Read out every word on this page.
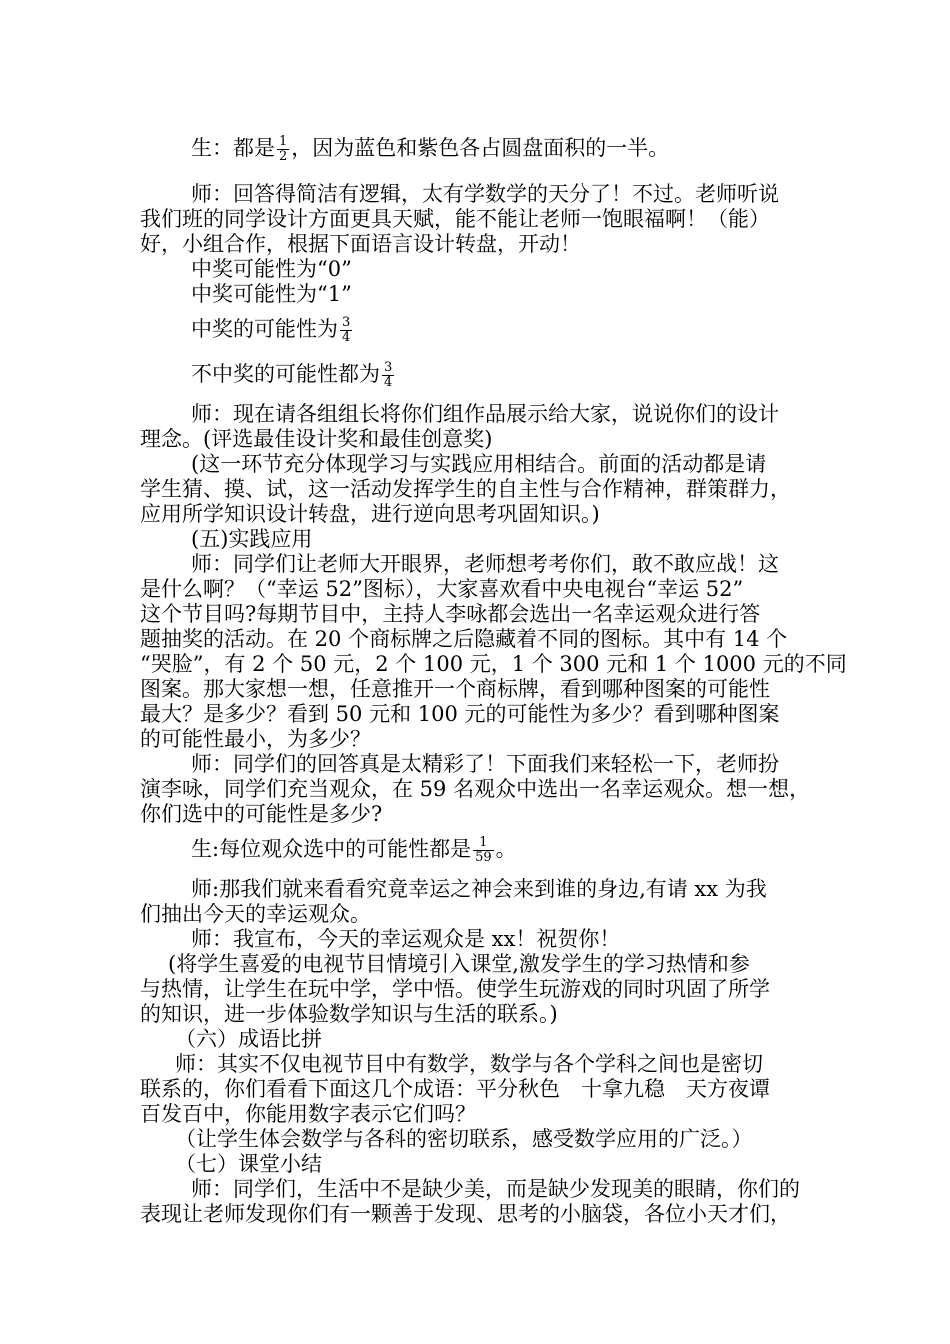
生：都是 $\frac{1}{2}$ ，因为蓝色和紫色各占圆盘面积的一半。

师：回答得简洁有逻辑，太有学数学的天分了！不过。老师听说

我们班的同学设计方面更具天赋，能不能让老师一饱眼福啊！（能）

好，小组合作，根据下面语言设计转盘，开动！

中奖可能性为“0”

中奖可能性为“1”

中奖的可能性为 $\frac{3}{4}$

不中奖的可能性都为 $\frac{3}{4}$

师：现在请各组组长将你们组作品展示给大家，说说你们的设计

理念。(评选最佳设计奖和最佳创意奖)

(这一环节充分体现学习与实践应用相结合。前面的活动都是请

学生猜、摸、试，这一活动发挥学生的自主性与合作精神，群策群力，

应用所学知识设计转盘，进行逆向思考巩固知识。)

(五)实践应用

师：同学们让老师大开眼界，老师想考考你们，敢不敢应战！这

是什么啊？（“幸运 52”图标），大家喜欢看中央电视台“幸运 52”

这个节目吗?每期节目中，主持人李咏都会选出一名幸运观众进行答

题抽奖的活动。在 20 个商标牌之后隐藏着不同的图标。其中有 14 个

“哭脸”，有 2 个 50 元，2 个 100 元，1 个 300 元和 1 个 1000 元的不同

图案。那大家想一想，任意推开一个商标牌，看到哪种图案的可能性

最大？是多少？看到 50 元和 100 元的可能性为多少？看到哪种图案

的可能性最小，为多少？

师：同学们的回答真是太精彩了！下面我们来轻松一下，老师扮

演李咏，同学们充当观众，在 59 名观众中选出一名幸运观众。想一想，

你们选中的可能性是多少?

生:每位观众选中的可能性都是 $\frac{1}{59}$ 。

师:那我们就来看看究竟幸运之神会来到谁的身边,有请 xx 为我

们抽出今天的幸运观众。

师：我宣布，今天的幸运观众是 xx！祝贺你！

(将学生喜爱的电视节目情境引入课堂,激发学生的学习热情和参

与热情，让学生在玩中学，学中悟。使学生玩游戏的同时巩固了所学

的知识，进一步体验数学知识与生活的联系。)

（六）成语比拼

师：其实不仅电视节目中有数学，数学与各个学科之间也是密切

联系的，你们看看下面这几个成语：平分秋色　十拿九稳　天方夜谭

百发百中，你能用数字表示它们吗？

（让学生体会数学与各科的密切联系，感受数学应用的广泛。）

（七）课堂小结

师：同学们，生活中不是缺少美，而是缺少发现美的眼睛，你们的

表现让老师发现你们有一颗善于发现、思考的小脑袋，各位小天才们，
